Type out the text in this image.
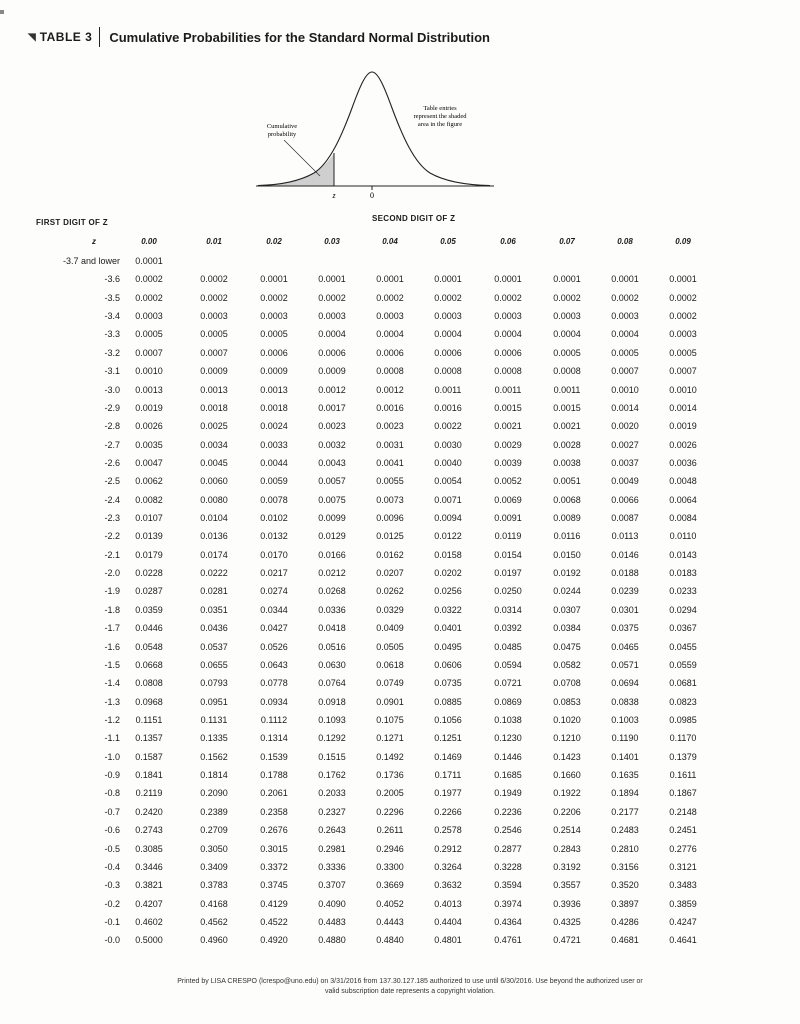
◥ TABLE 3 Cumulative Probabilities for the Standard Normal Distribution
z	0
Cumulative
probability
Table entries
represent the shaded
area in the figure
FIRST DIGIT OF Z	SECOND DIGIT OF Z
z	0.00	0.01	0.02	0.03	0.04	0.05	0.06	0.07	0.08	0.09
-3.7 and lower 0.0001
-3.6 0.0002	0.0002	0.0001	0.0001	0.0001	0.0001	0.0001	0.0001	0.0001	0.0001
-3.5 0.0002	0.0002	0.0002	0.0002	0.0002	0.0002	0.0002	0.0002	0.0002	0.0002
-3.4 0.0003	0.0003	0.0003	0.0003	0.0003	0.0003	0.0003	0.0003	0.0003	0.0002
-3.3 0.0005	0.0005	0.0005	0.0004	0.0004	0.0004	0.0004	0.0004	0.0004	0.0003
-3.2 0.0007	0.0007	0.0006	0.0006	0.0006	0.0006	0.0006	0.0005	0.0005	0.0005
-3.1 0.0010	0.0009	0.0009	0.0009	0.0008	0.0008	0.0008	0.0008	0.0007	0.0007
-3.0 0.0013	0.0013	0.0013	0.0012	0.0012	0.0011	0.0011	0.0011	0.0010	0.0010
-2.9 0.0019	0.0018	0.0018	0.0017	0.0016	0.0016	0.0015	0.0015	0.0014	0.0014
-2.8 0.0026	0.0025	0.0024	0.0023	0.0023	0.0022	0.0021	0.0021	0.0020	0.0019
-2.7 0.0035	0.0034	0.0033	0.0032	0.0031	0.0030	0.0029	0.0028	0.0027	0.0026
-2.6 0.0047	0.0045	0.0044	0.0043	0.0041	0.0040	0.0039	0.0038	0.0037	0.0036
-2.5 0.0062	0.0060	0.0059	0.0057	0.0055	0.0054	0.0052	0.0051	0.0049	0.0048
-2.4 0.0082	0.0080	0.0078	0.0075	0.0073	0.0071	0.0069	0.0068	0.0066	0.0064
-2.3 0.0107	0.0104	0.0102	0.0099	0.0096	0.0094	0.0091	0.0089	0.0087	0.0084
-2.2 0.0139	0.0136	0.0132	0.0129	0.0125	0.0122	0.0119	0.0116	0.0113	0.0110
-2.1 0.0179	0.0174	0.0170	0.0166	0.0162	0.0158	0.0154	0.0150	0.0146	0.0143
-2.0 0.0228	0.0222	0.0217	0.0212	0.0207	0.0202	0.0197	0.0192	0.0188	0.0183
-1.9 0.0287	0.0281	0.0274	0.0268	0.0262	0.0256	0.0250	0.0244	0.0239	0.0233
-1.8 0.0359	0.0351	0.0344	0.0336	0.0329	0.0322	0.0314	0.0307	0.0301	0.0294
-1.7 0.0446	0.0436	0.0427	0.0418	0.0409	0.0401	0.0392	0.0384	0.0375	0.0367
-1.6 0.0548	0.0537	0.0526	0.0516	0.0505	0.0495	0.0485	0.0475	0.0465	0.0455
-1.5 0.0668	0.0655	0.0643	0.0630	0.0618	0.0606	0.0594	0.0582	0.0571	0.0559
-1.4 0.0808	0.0793	0.0778	0.0764	0.0749	0.0735	0.0721	0.0708	0.0694	0.0681
-1.3 0.0968	0.0951	0.0934	0.0918	0.0901	0.0885	0.0869	0.0853	0.0838	0.0823
-1.2 0.1151	0.1131	0.1112	0.1093	0.1075	0.1056	0.1038	0.1020	0.1003	0.0985
-1.1 0.1357	0.1335	0.1314	0.1292	0.1271	0.1251	0.1230	0.1210	0.1190	0.1170
-1.0 0.1587	0.1562	0.1539	0.1515	0.1492	0.1469	0.1446	0.1423	0.1401	0.1379
-0.9 0.1841	0.1814	0.1788	0.1762	0.1736	0.1711	0.1685	0.1660	0.1635	0.1611
-0.8 0.2119	0.2090	0.2061	0.2033	0.2005	0.1977	0.1949	0.1922	0.1894	0.1867
-0.7 0.2420	0.2389	0.2358	0.2327	0.2296	0.2266	0.2236	0.2206	0.2177	0.2148
-0.6 0.2743	0.2709	0.2676	0.2643	0.2611	0.2578	0.2546	0.2514	0.2483	0.2451
-0.5 0.3085	0.3050	0.3015	0.2981	0.2946	0.2912	0.2877	0.2843	0.2810	0.2776
-0.4 0.3446	0.3409	0.3372	0.3336	0.3300	0.3264	0.3228	0.3192	0.3156	0.3121
-0.3 0.3821	0.3783	0.3745	0.3707	0.3669	0.3632	0.3594	0.3557	0.3520	0.3483
-0.2 0.4207	0.4168	0.4129	0.4090	0.4052	0.4013	0.3974	0.3936	0.3897	0.3859
-0.1 0.4602	0.4562	0.4522	0.4483	0.4443	0.4404	0.4364	0.4325	0.4286	0.4247
-0.0 0.5000	0.4960	0.4920	0.4880	0.4840	0.4801	0.4761	0.4721	0.4681	0.4641
Printed by LISA CRESPO (lcrespo@uno.edu) on 3/31/2016 from 137.30.127.185 authorized to use until 6/30/2016. Use beyond the authorized user or
valid subscription date represents a copyright violation.
